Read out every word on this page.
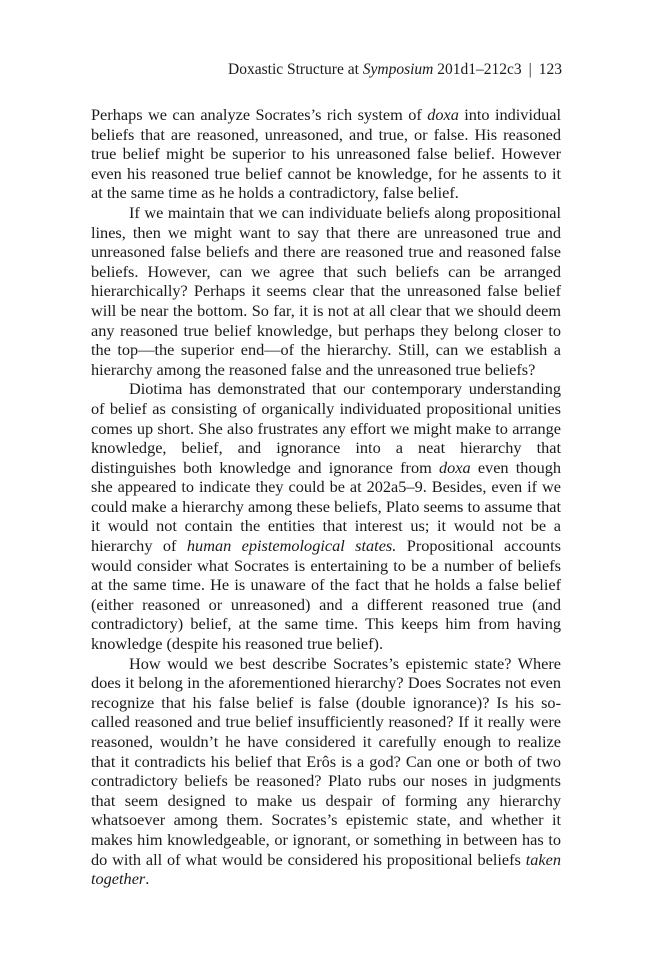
Doxastic Structure at Symposium 201d1–212c3 | 123

Perhaps we can analyze Socrates’s rich system of doxa into individual beliefs that are reasoned, unreasoned, and true, or false. His reasoned true belief might be superior to his unreasoned false belief. However even his reasoned true belief cannot be knowledge, for he assents to it at the same time as he holds a contradictory, false belief.

If we maintain that we can individuate beliefs along propositional lines, then we might want to say that there are unreasoned true and unreasoned false beliefs and there are reasoned true and reasoned false beliefs. However, can we agree that such beliefs can be arranged hierarchically? Perhaps it seems clear that the unreasoned false belief will be near the bottom. So far, it is not at all clear that we should deem any reasoned true belief knowledge, but perhaps they belong closer to the top—the superior end—of the hierarchy. Still, can we establish a hierarchy among the reasoned false and the unreasoned true beliefs?

Diotima has demonstrated that our contemporary understanding of belief as consisting of organically individuated propositional unities comes up short. She also frustrates any effort we might make to arrange knowledge, belief, and ignorance into a neat hierarchy that distinguishes both knowledge and ignorance from doxa even though she appeared to indicate they could be at 202a5–9. Besides, even if we could make a hierarchy among these beliefs, Plato seems to assume that it would not contain the entities that interest us; it would not be a hierarchy of human epistemological states. Propositional accounts would consider what Socrates is entertaining to be a number of beliefs at the same time. He is unaware of the fact that he holds a false belief (either reasoned or unreasoned) and a different reasoned true (and contradictory) belief, at the same time. This keeps him from having knowledge (despite his reasoned true belief).

How would we best describe Socrates’s epistemic state? Where does it belong in the aforementioned hierarchy? Does Socrates not even recognize that his false belief is false (double ignorance)? Is his so-called reasoned and true belief insufficiently reasoned? If it really were reasoned, wouldn’t he have considered it carefully enough to realize that it contradicts his belief that Erôs is a god? Can one or both of two contradictory beliefs be reasoned? Plato rubs our noses in judgments that seem designed to make us despair of forming any hierarchy whatsoever among them. Socrates’s epistemic state, and whether it makes him knowledgeable, or ignorant, or something in between has to do with all of what would be considered his propositional beliefs taken together.
